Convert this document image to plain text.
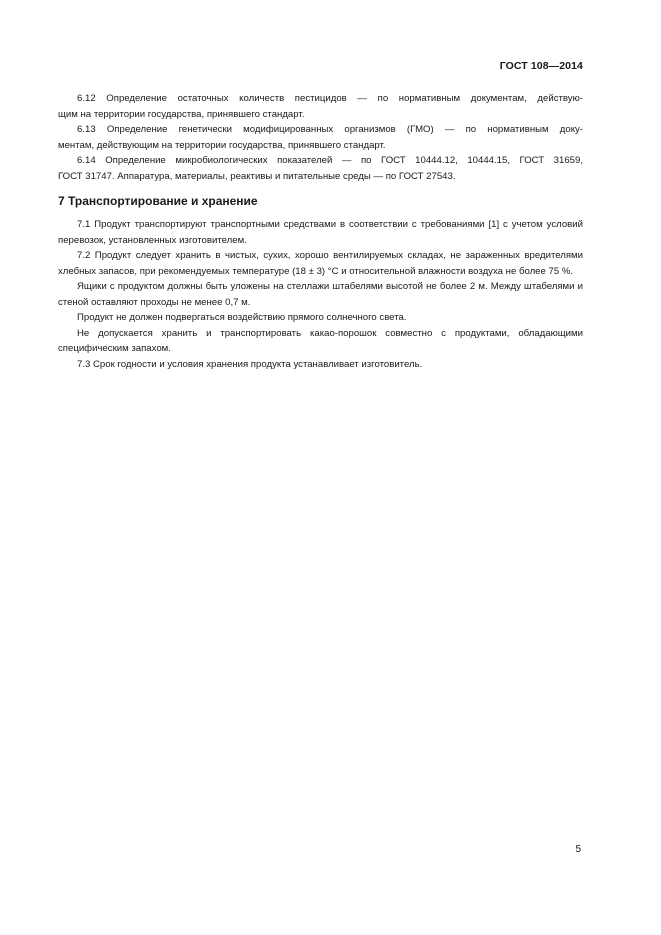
ГОСТ 108—2014

6.12 Определение остаточных количеств пестицидов — по нормативным документам, действую-
щим на территории государства, принявшего стандарт.

6.13 Определение генетически модифицированных организмов (ГМО) — по нормативным доку-
ментам, действующим на территории государства, принявшего стандарт.

6.14 Определение микробиологических показателей — по ГОСТ 10444.12, 10444.15, ГОСТ 31659,
ГОСТ 31747. Аппаратура, материалы, реактивы и питательные среды — по ГОСТ 27543.

7 Транспортирование и хранение

7.1 Продукт транспортируют транспортными средствами в соответствии с требованиями [1] с учетом условий перевозок, установленных изготовителем.

7.2 Продукт следует хранить в чистых, сухих, хорошо вентилируемых складах, не зараженных вредителями хлебных запасов, при рекомендуемых температуре (18 ± 3) °С и относительной влажности воздуха не более 75 %.

Ящики с продуктом должны быть уложены на стеллажи штабелями высотой не более 2 м. Между штабелями и стеной оставляют проходы не менее 0,7 м.

Продукт не должен подвергаться воздействию прямого солнечного света.

Не допускается хранить и транспортировать какао-порошок совместно с продуктами, обладающими специфическим запахом.

7.3 Срок годности и условия хранения продукта устанавливает изготовитель.

5
